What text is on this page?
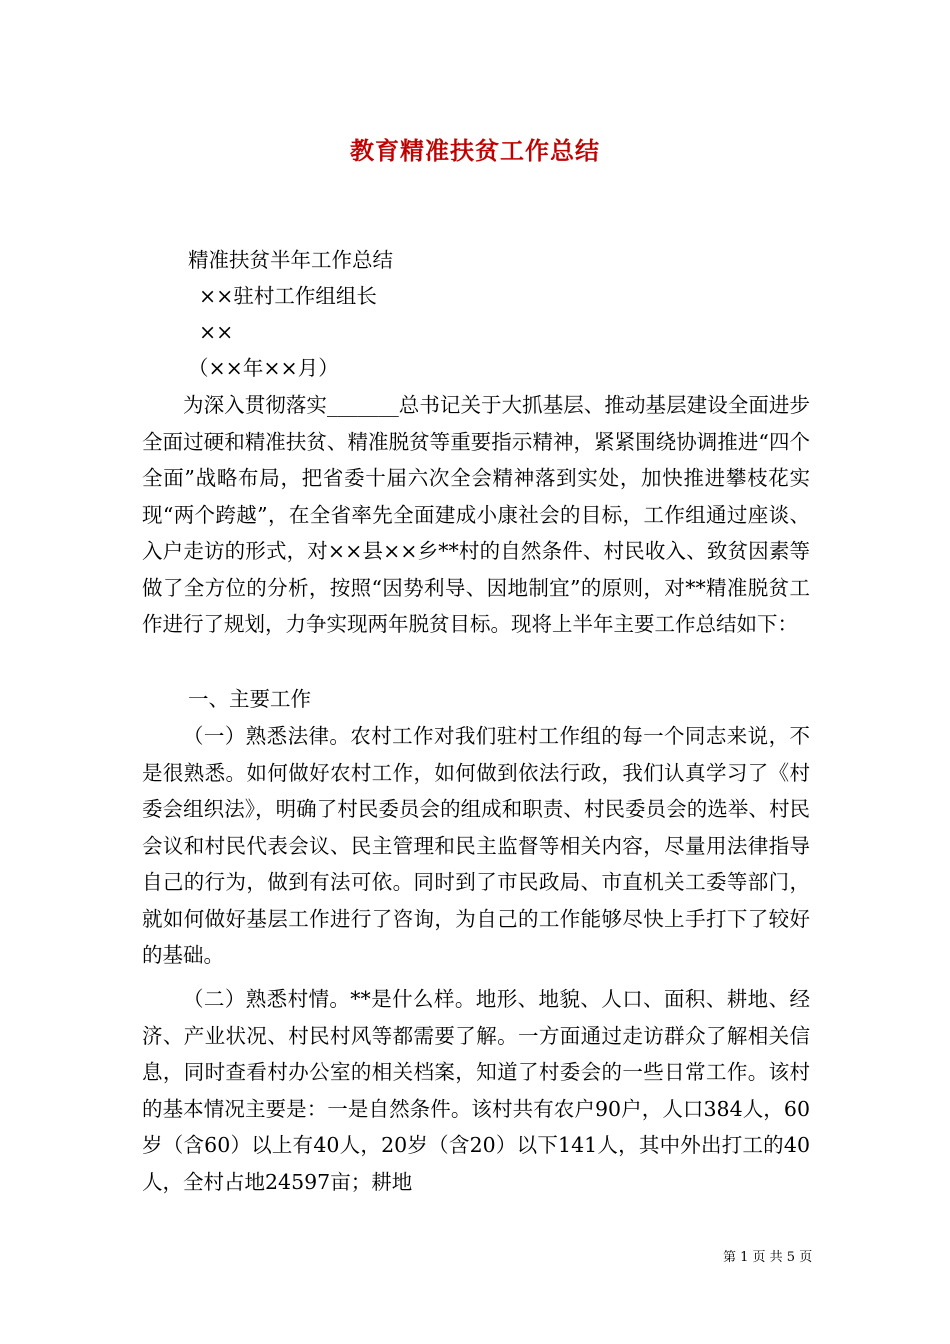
教育精准扶贫工作总结
精准扶贫半年工作总结
××驻村工作组组长
××
（××年××月）

为深入贯彻落实_______总书记关于大抓基层、推动基层建设全面进步全面过硬和精准扶贫、精准脱贫等重要指示精神，紧紧围绕协调推进“四个全面”战略布局，把省委十届六次全会精神落到实处，加快推进攀枝花实现“两个跨越”，在全省率先全面建成小康社会的目标，工作组通过座谈、入户走访的形式，对××县××乡**村的自然条件、村民收入、致贫因素等做了全方位的分析，按照“因势利导、因地制宜”的原则，对**精准脱贫工作进行了规划，力争实现两年脱贫目标。现将上半年主要工作总结如下：

一、主要工作

（一）熟悉法律。农村工作对我们驻村工作组的每一个同志来说，不是很熟悉。如何做好农村工作，如何做到依法行政，我们认真学习了《村委会组织法》，明确了村民委员会的组成和职责、村民委员会的选举、村民会议和村民代表会议、民主管理和民主监督等相关内容，尽量用法律指导自己的行为，做到有法可依。同时到了市民政局、市直机关工委等部门，就如何做好基层工作进行了咨询，为自己的工作能够尽快上手打下了较好的基础。

（二）熟悉村情。**是什么样。地形、地貌、人口、面积、耕地、经济、产业状况、村民村风等都需要了解。一方面通过走访群众了解相关信息，同时查看村办公室的相关档案，知道了村委会的一些日常工作。该村的基本情况主要是：一是自然条件。该村共有农户90户，人口384人，60岁（含60）以上有40人，20岁（含20）以下141人，其中外出打工的40人，全村占地24597亩；耕地

第 1 页 共 5 页
